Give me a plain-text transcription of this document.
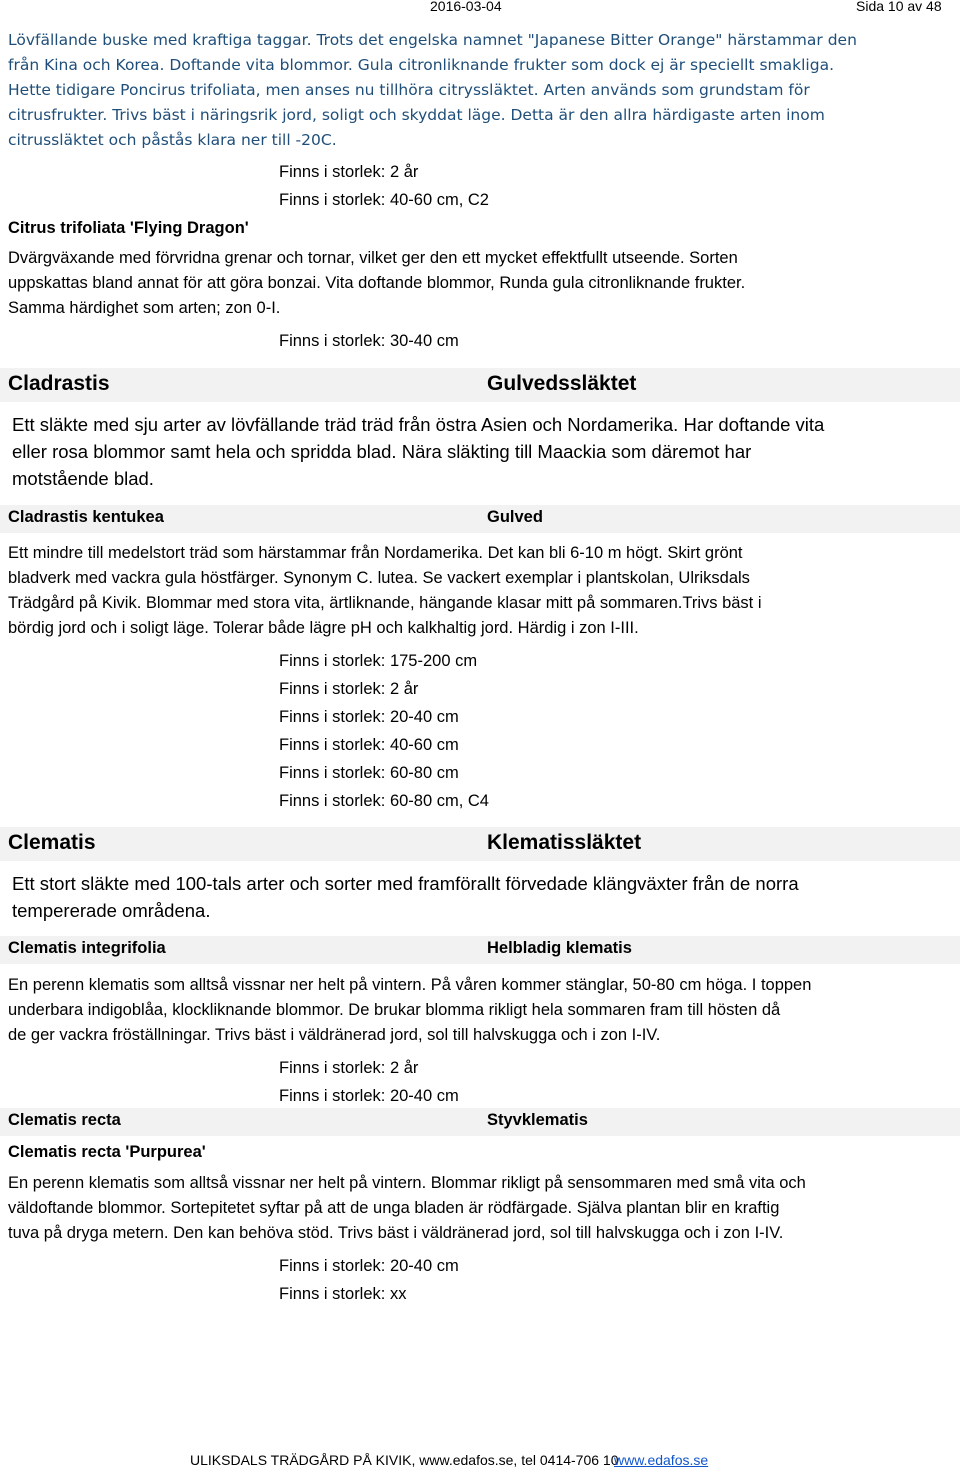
2016-03-04	Sida 10 av 48
Lövfällande buske med kraftiga taggar. Trots det engelska namnet "Japanese Bitter Orange" härstammar den
från Kina och Korea. Doftande vita blommor. Gula citronliknande frukter som dock ej är speciellt smakliga.
Hette tidigare Poncirus trifoliata, men anses nu tillhöra citryssläktet. Arten används som grundstam för
citrusfrukter. Trivs bäst i näringsrik jord, soligt och skyddat läge. Detta är den allra härdigaste arten inom
citrussläktet och påstås klara ner till -20C.
Finns i storlek: 2 år
Finns i storlek: 40-60 cm, C2
Citrus trifoliata 'Flying Dragon'
Dvärgväxande med förvridna grenar och tornar, vilket ger den ett mycket effektfullt utseende. Sorten
uppskattas bland annat för att göra bonzai. Vita doftande blommor, Runda gula citronliknande frukter.
Samma härdighet som arten; zon 0-I.
Finns i storlek: 30-40 cm
Cladrastis	Gulvedssläktet
Ett släkte med sju arter av lövfällande träd träd från östra Asien och Nordamerika. Har doftande vita
eller rosa blommor samt hela och spridda blad. Nära släkting till Maackia som däremot har
motstående blad.
Cladrastis kentukea	Gulved
Ett mindre till medelstort träd som härstammar från Nordamerika. Det kan bli 6-10 m högt. Skirt grönt
bladverk med vackra gula höstfärger. Synonym C. lutea. Se vackert exemplar i plantskolan, Ulriksdals
Trädgård på Kivik. Blommar med stora vita, ärtliknande, hängande klasar mitt på sommaren.Trivs bäst i
bördig jord och i soligt läge. Tolerar både lägre pH och kalkhaltig jord. Härdig i zon I-III.
Finns i storlek: 175-200 cm
Finns i storlek: 2 år
Finns i storlek: 20-40 cm
Finns i storlek: 40-60 cm
Finns i storlek: 60-80 cm
Finns i storlek: 60-80 cm, C4
Clematis	Klematissläktet
Ett stort släkte med 100-tals arter och sorter med framförallt förvedade klängväxter från de norra
tempererade områdena.
Clematis integrifolia	Helbladig klematis
En perenn klematis som alltså vissnar ner helt på vintern. På våren kommer stänglar, 50-80 cm höga. I toppen
underbara indigoblåa, klockliknande blommor. De brukar blomma rikligt hela sommaren fram till hösten då
de ger vackra fröställningar. Trivs bäst i väldränerad jord, sol till halvskugga och i zon I-IV.
Finns i storlek: 2 år
Finns i storlek: 20-40 cm
Clematis recta	Styvklematis
Clematis recta 'Purpurea'
En perenn klematis som alltså vissnar ner helt på vintern. Blommar rikligt på sensommaren med små vita och
väldoftande blommor. Sortepitetet syftar på att de unga bladen är rödfärgade. Själva plantan blir en kraftig
tuva på dryga metern. Den kan behöva stöd. Trivs bäst i väldränerad jord, sol till halvskugga och i zon I-IV.
Finns i storlek: 20-40 cm
Finns i storlek: xx
ULIKSDALS TRÄDGÅRD PÅ KIVIK, www.edafos.se, tel 0414-706 10
www.edafos.se
